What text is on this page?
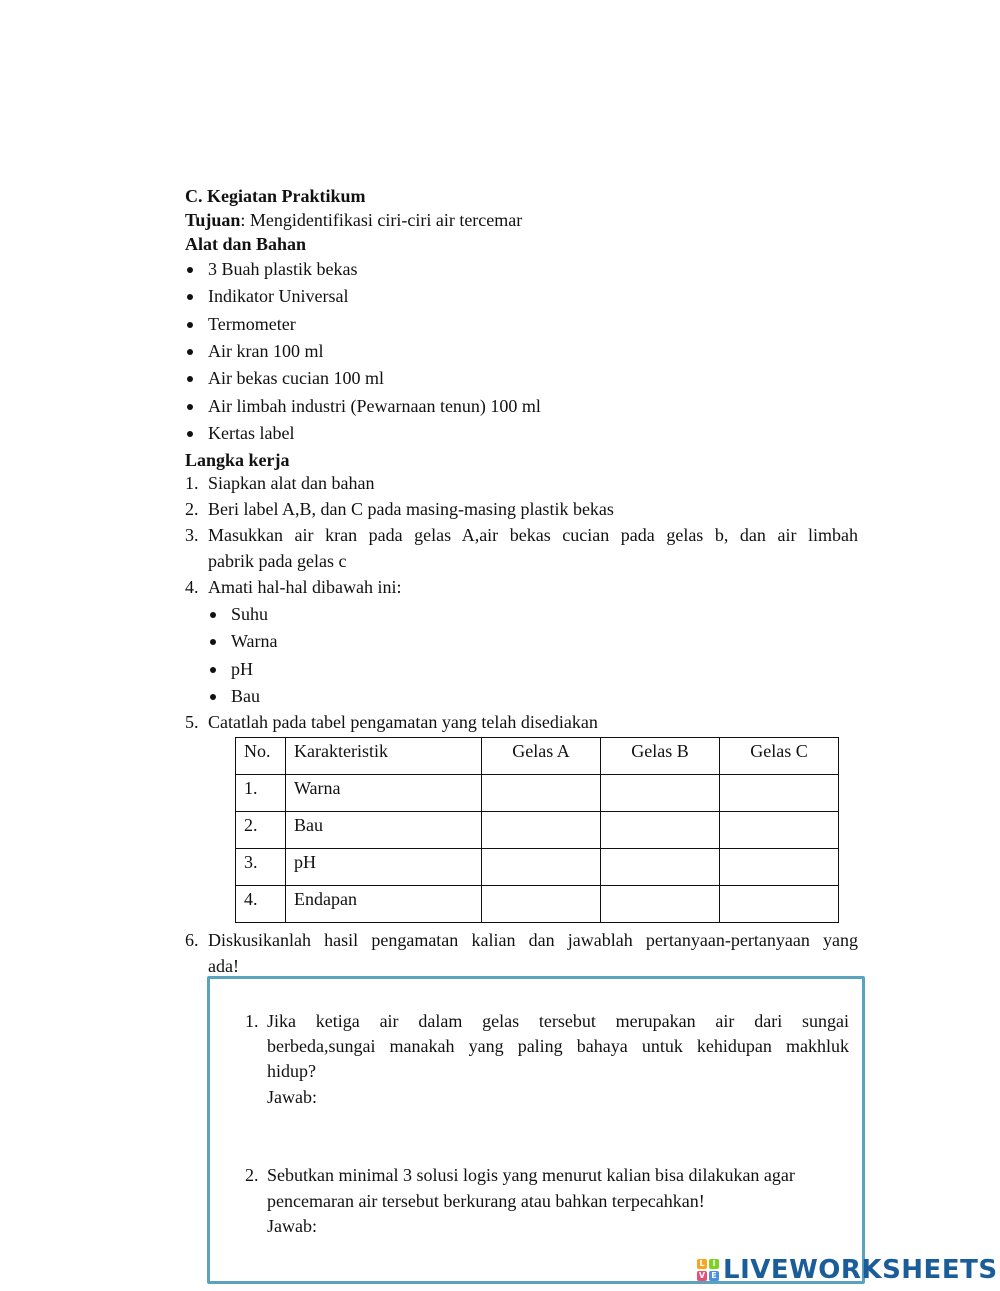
C. Kegiatan Praktikum
Tujuan: Mengidentifikasi ciri-ciri air tercemar
Alat dan Bahan
3 Buah plastik bekas
Indikator Universal
Termometer
Air kran 100 ml
Air bekas cucian 100 ml
Air limbah industri (Pewarnaan tenun) 100 ml
Kertas label
Langka kerja
1. Siapkan alat dan bahan
2. Beri label A,B, dan C pada masing-masing plastik bekas
3. Masukkan air kran pada gelas A,air bekas cucian pada gelas b, dan air limbah
pabrik pada gelas c
4. Amati hal-hal dibawah ini:
Suhu
Warna
pH
Bau
5. Catatlah pada tabel pengamatan yang telah disediakan
No.	Karakteristik	Gelas A	Gelas B	Gelas C
1.	Warna			
2.	Bau			
3.	pH			
4.	Endapan			
6. Diskusikanlah hasil pengamatan kalian dan jawablah pertanyaan-pertanyaan yang
ada!
1. Jika ketiga air dalam gelas tersebut merupakan air dari sungai
berbeda,sungai manakah yang paling bahaya untuk kehidupan makhluk
hidup?
Jawab:
2. Sebutkan minimal 3 solusi logis yang menurut kalian bisa dilakukan agar
pencemaran air tersebut berkurang atau bahkan terpecahkan!
Jawab:
L I
V E LIVEWORKSHEETS
